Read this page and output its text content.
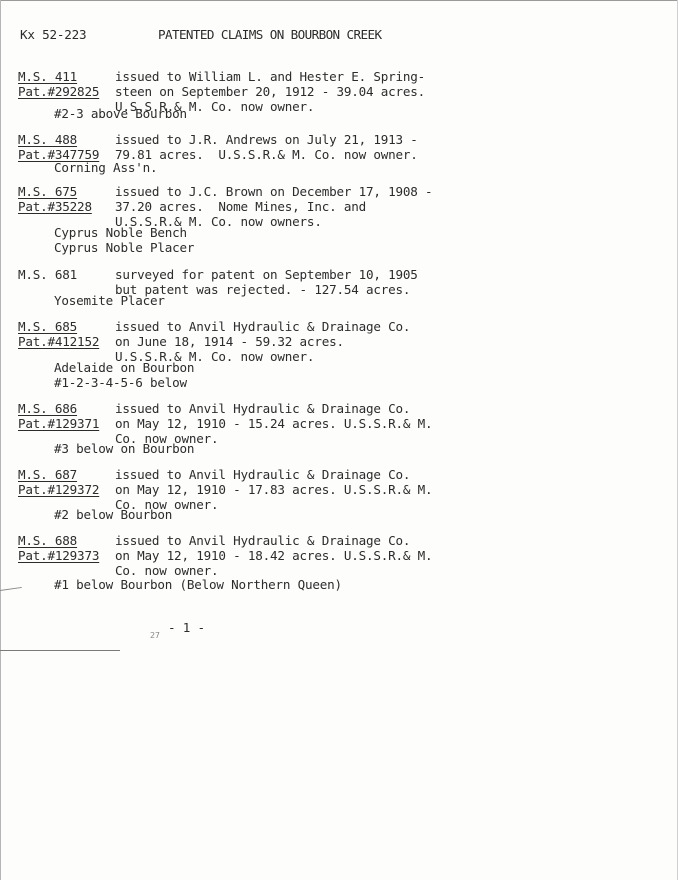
Kx 52-223	PATENTED CLAIMS ON BOURBON CREEK
M.S. 411
Pat.#292825
issued to William L. and Hester E. Spring-
steen on September 20, 1912 - 39.04 acres.
U.S.S.R.& M. Co. now owner.
#2-3 above Bourbon
M.S. 488
Pat.#347759
issued to J.R. Andrews on July 21, 1913 -
79.81 acres.  U.S.S.R.& M. Co. now owner.
Corning Ass'n.
M.S. 675
Pat.#35228
issued to J.C. Brown on December 17, 1908 -
37.20 acres.  Nome Mines, Inc. and
U.S.S.R.& M. Co. now owners.
Cyprus Noble Bench
Cyprus Noble Placer
M.S. 681	surveyed for patent on September 10, 1905
but patent was rejected. - 127.54 acres.
Yosemite Placer
M.S. 685
Pat.#412152
issued to Anvil Hydraulic & Drainage Co.
on June 18, 1914 - 59.32 acres.
U.S.S.R.& M. Co. now owner.
Adelaide on Bourbon
#1-2-3-4-5-6 below
M.S. 686
Pat.#129371
issued to Anvil Hydraulic & Drainage Co.
on May 12, 1910 - 15.24 acres. U.S.S.R.& M.
Co. now owner.
#3 below on Bourbon
M.S. 687
Pat.#129372
issued to Anvil Hydraulic & Drainage Co.
on May 12, 1910 - 17.83 acres. U.S.S.R.& M.
Co. now owner.
#2 below Bourbon
M.S. 688
Pat.#129373
issued to Anvil Hydraulic & Drainage Co.
on May 12, 1910 - 18.42 acres. U.S.S.R.& M.
Co. now owner.
#1 below Bourbon (Below Northern Queen)
- 1 -
27
